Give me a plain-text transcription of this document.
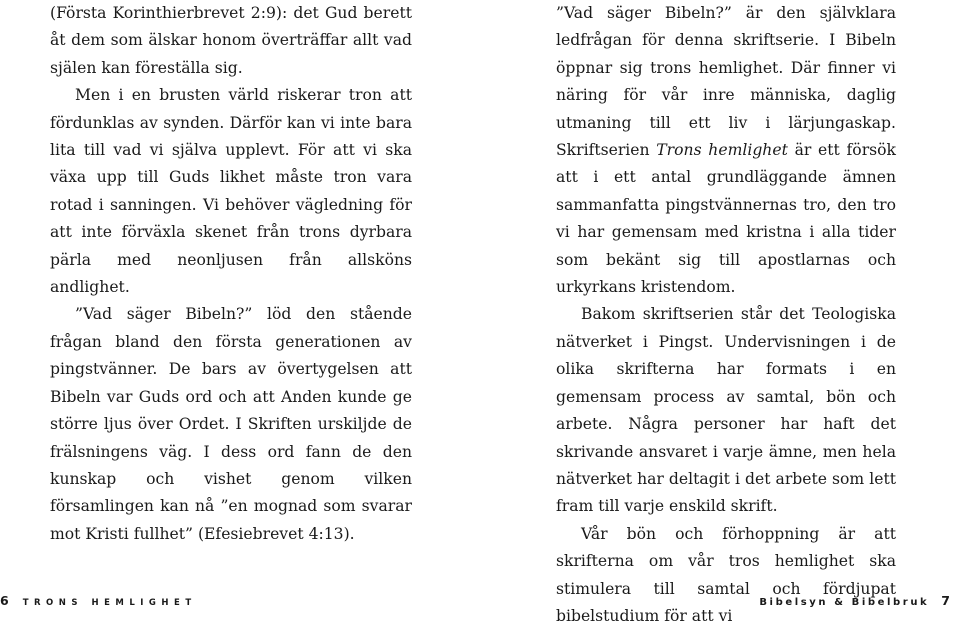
(Första Korinthierbrevet 2:9): det Gud berett åt dem som älskar honom överträffar allt vad själen kan föreställa sig.

Men i en brusten värld riskerar tron att fördunklas av synden. Därför kan vi inte bara lita till vad vi själva upplevt. För att vi ska växa upp till Guds likhet måste tron vara rotad i sanningen. Vi behöver vägledning för att inte förväxla skenet från trons dyrbara pärla med neonljusen från allsköns andlighet.

”Vad säger Bibeln?” löd den stående frågan bland den första generationen av pingstvänner. De bars av övertygelsen att Bibeln var Guds ord och att Anden kunde ge större ljus över Ordet. I Skriften urskiljde de frälsningens väg. I dess ord fann de den kunskap och vishet genom vilken församlingen kan nå ”en mognad som svarar mot Kristi fullhet” (Efesiebrevet 4:13).

6 TRONS HEMLIGHET

”Vad säger Bibeln?” är den självklara ledfrågan för denna skriftserie. I Bibeln öppnar sig trons hemlighet. Där finner vi näring för vår inre människa, daglig utmaning till ett liv i lärjungaskap. Skriftserien Trons hemlighet är ett försök att i ett antal grundläggande ämnen sammanfatta pingstvännernas tro, den tro vi har gemensam med kristna i alla tider som bekänt sig till apostlarnas och urkyrkans kristendom.

Bakom skriftserien står det Teologiska nätverket i Pingst. Undervisningen i de olika skrifterna har formats i en gemensam process av samtal, bön och arbete. Några personer har haft det skrivande ansvaret i varje ämne, men hela nätverket har deltagit i det arbete som lett fram till varje enskild skrift.

Vår bön och förhoppning är att skrifterna om vår tros hemlighet ska stimulera till samtal och fördjupat bibelstudium för att vi

Bibelsyn & Bibelbruk 7
